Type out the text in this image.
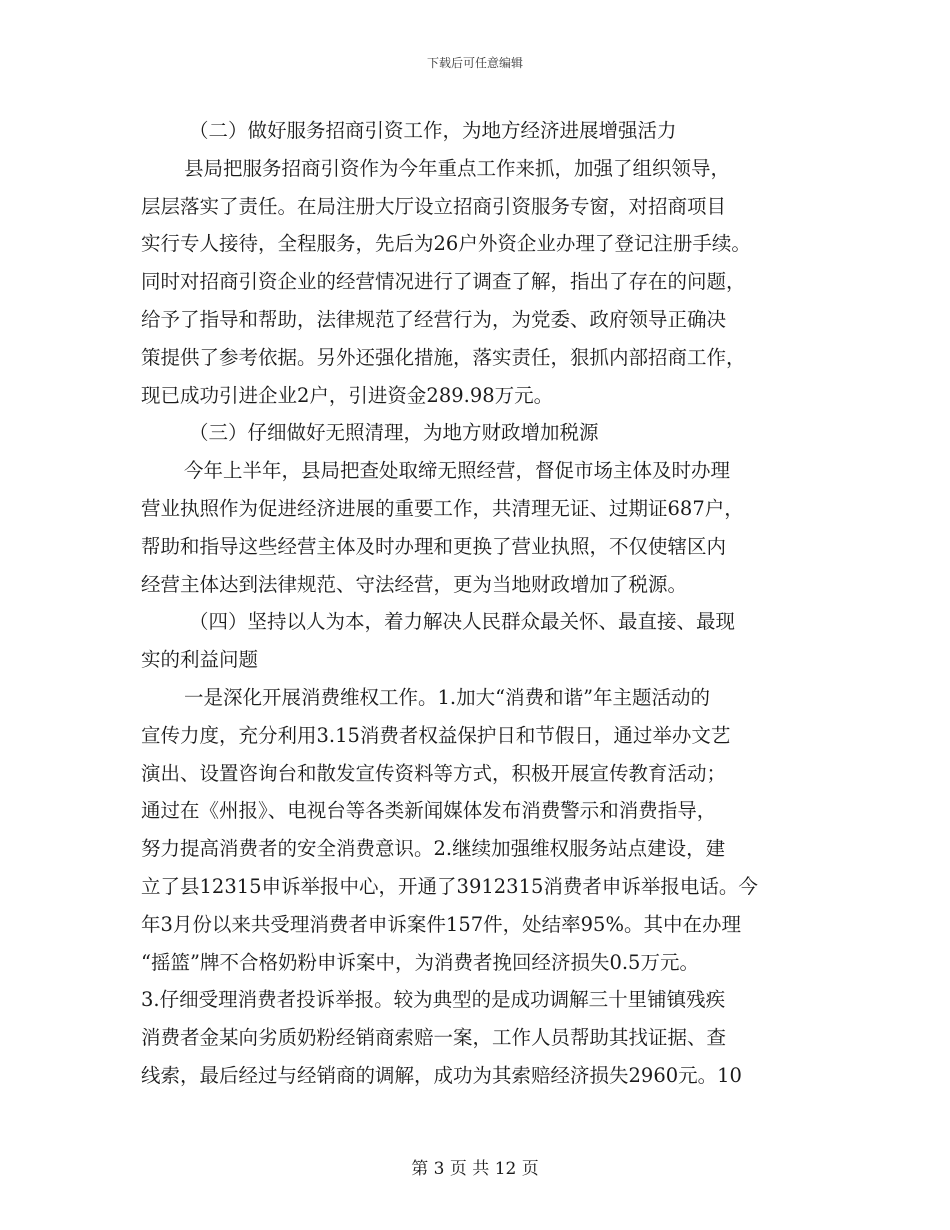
下载后可任意编辑
（二）做好服务招商引资工作，为地方经济进展增强活力
县局把服务招商引资作为今年重点工作来抓，加强了组织领导，
层层落实了责任。在局注册大厅设立招商引资服务专窗，对招商项目
实行专人接待，全程服务，先后为26户外资企业办理了登记注册手续。
同时对招商引资企业的经营情况进行了调查了解，指出了存在的问题，
给予了指导和帮助，法律规范了经营行为，为党委、政府领导正确决
策提供了参考依据。另外还强化措施，落实责任，狠抓内部招商工作，
现已成功引进企业2户，引进资金289.98万元。
（三）仔细做好无照清理，为地方财政增加税源
今年上半年，县局把查处取缔无照经营，督促市场主体及时办理
营业执照作为促进经济进展的重要工作，共清理无证、过期证687户，
帮助和指导这些经营主体及时办理和更换了营业执照，不仅使辖区内
经营主体达到法律规范、守法经营，更为当地财政增加了税源。
（四）坚持以人为本，着力解决人民群众最关怀、最直接、最现
实的利益问题
一是深化开展消费维权工作。1.加大“消费和谐”年主题活动的
宣传力度，充分利用3.15消费者权益保护日和节假日，通过举办文艺
演出、设置咨询台和散发宣传资料等方式，积极开展宣传教育活动；
通过在《州报》、电视台等各类新闻媒体发布消费警示和消费指导，
努力提高消费者的安全消费意识。2.继续加强维权服务站点建设，建
立了县12315申诉举报中心，开通了3912315消费者申诉举报电话。今
年3月份以来共受理消费者申诉案件157件，处结率95%。其中在办理
“摇篮”牌不合格奶粉申诉案中，为消费者挽回经济损失0.5万元。
3.仔细受理消费者投诉举报。较为典型的是成功调解三十里铺镇残疾
消费者金某向劣质奶粉经销商索赔一案，工作人员帮助其找证据、查
线索，最后经过与经销商的调解，成功为其索赔经济损失2960元。10
第 3 页 共 12 页
